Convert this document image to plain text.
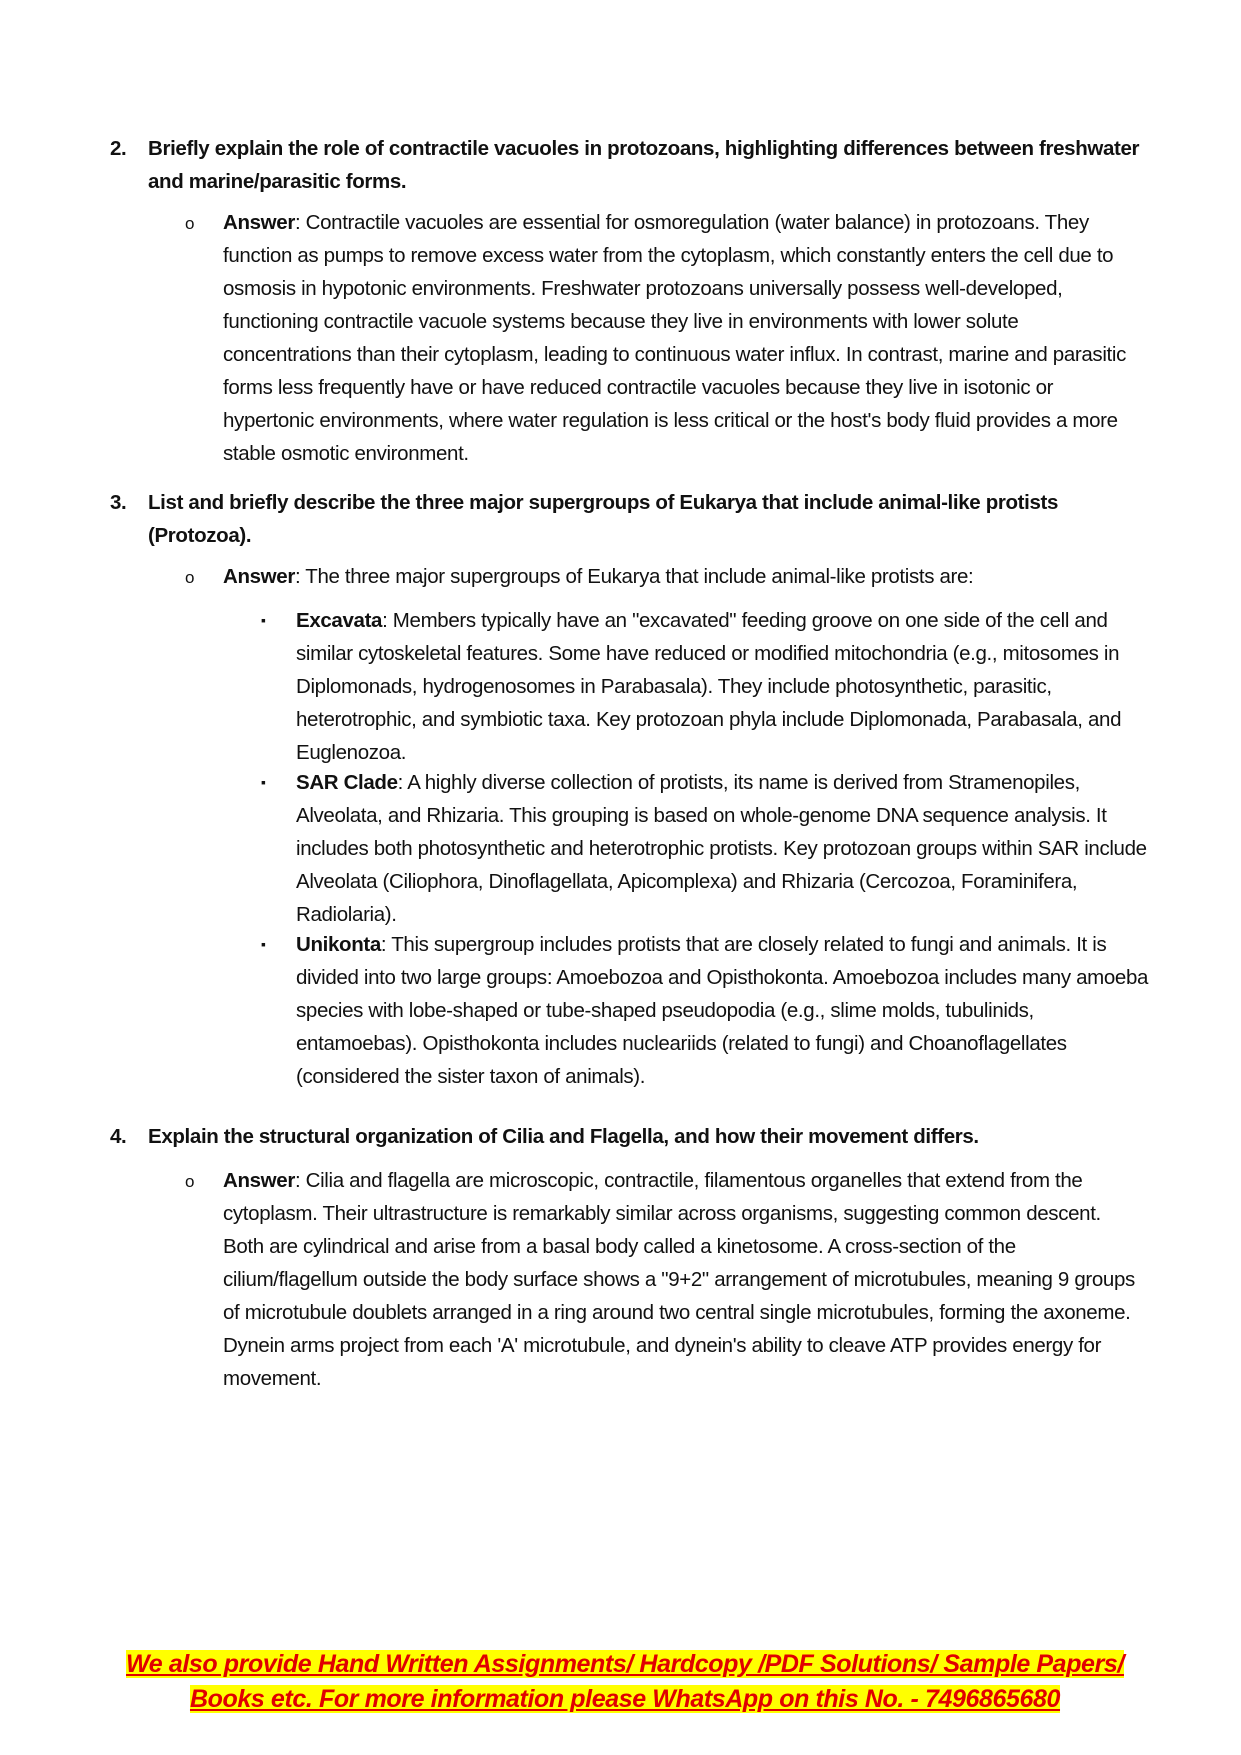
2. Briefly explain the role of contractile vacuoles in protozoans, highlighting differences between freshwater and marine/parasitic forms.
o Answer: Contractile vacuoles are essential for osmoregulation (water balance) in protozoans. They function as pumps to remove excess water from the cytoplasm, which constantly enters the cell due to osmosis in hypotonic environments. Freshwater protozoans universally possess well-developed, functioning contractile vacuole systems because they live in environments with lower solute concentrations than their cytoplasm, leading to continuous water influx. In contrast, marine and parasitic forms less frequently have or have reduced contractile vacuoles because they live in isotonic or hypertonic environments, where water regulation is less critical or the host's body fluid provides a more stable osmotic environment.
3. List and briefly describe the three major supergroups of Eukarya that include animal-like protists (Protozoa).
o Answer: The three major supergroups of Eukarya that include animal-like protists are:
▪ Excavata: Members typically have an "excavated" feeding groove on one side of the cell and similar cytoskeletal features. Some have reduced or modified mitochondria (e.g., mitosomes in Diplomonads, hydrogenosomes in Parabasala). They include photosynthetic, parasitic, heterotrophic, and symbiotic taxa. Key protozoan phyla include Diplomonada, Parabasala, and Euglenozoa.
▪ SAR Clade: A highly diverse collection of protists, its name is derived from Stramenopiles, Alveolata, and Rhizaria. This grouping is based on whole-genome DNA sequence analysis. It includes both photosynthetic and heterotrophic protists. Key protozoan groups within SAR include Alveolata (Ciliophora, Dinoflagellata, Apicomplexa) and Rhizaria (Cercozoa, Foraminifera, Radiolaria).
▪ Unikonta: This supergroup includes protists that are closely related to fungi and animals. It is divided into two large groups: Amoebozoa and Opisthokonta. Amoebozoa includes many amoeba species with lobe-shaped or tube-shaped pseudopodia (e.g., slime molds, tubulinids, entamoebas). Opisthokonta includes nucleariids (related to fungi) and Choanoflagellates (considered the sister taxon of animals).
4. Explain the structural organization of Cilia and Flagella, and how their movement differs.
o Answer: Cilia and flagella are microscopic, contractile, filamentous organelles that extend from the cytoplasm. Their ultrastructure is remarkably similar across organisms, suggesting common descent. Both are cylindrical and arise from a basal body called a kinetosome. A cross-section of the cilium/flagellum outside the body surface shows a "9+2" arrangement of microtubules, meaning 9 groups of microtubule doublets arranged in a ring around two central single microtubules, forming the axoneme. Dynein arms project from each 'A' microtubule, and dynein's ability to cleave ATP provides energy for movement.
We also provide Hand Written Assignments/ Hardcopy /PDF Solutions/ Sample Papers/
Books etc. For more information please WhatsApp on this No. - 7496865680
